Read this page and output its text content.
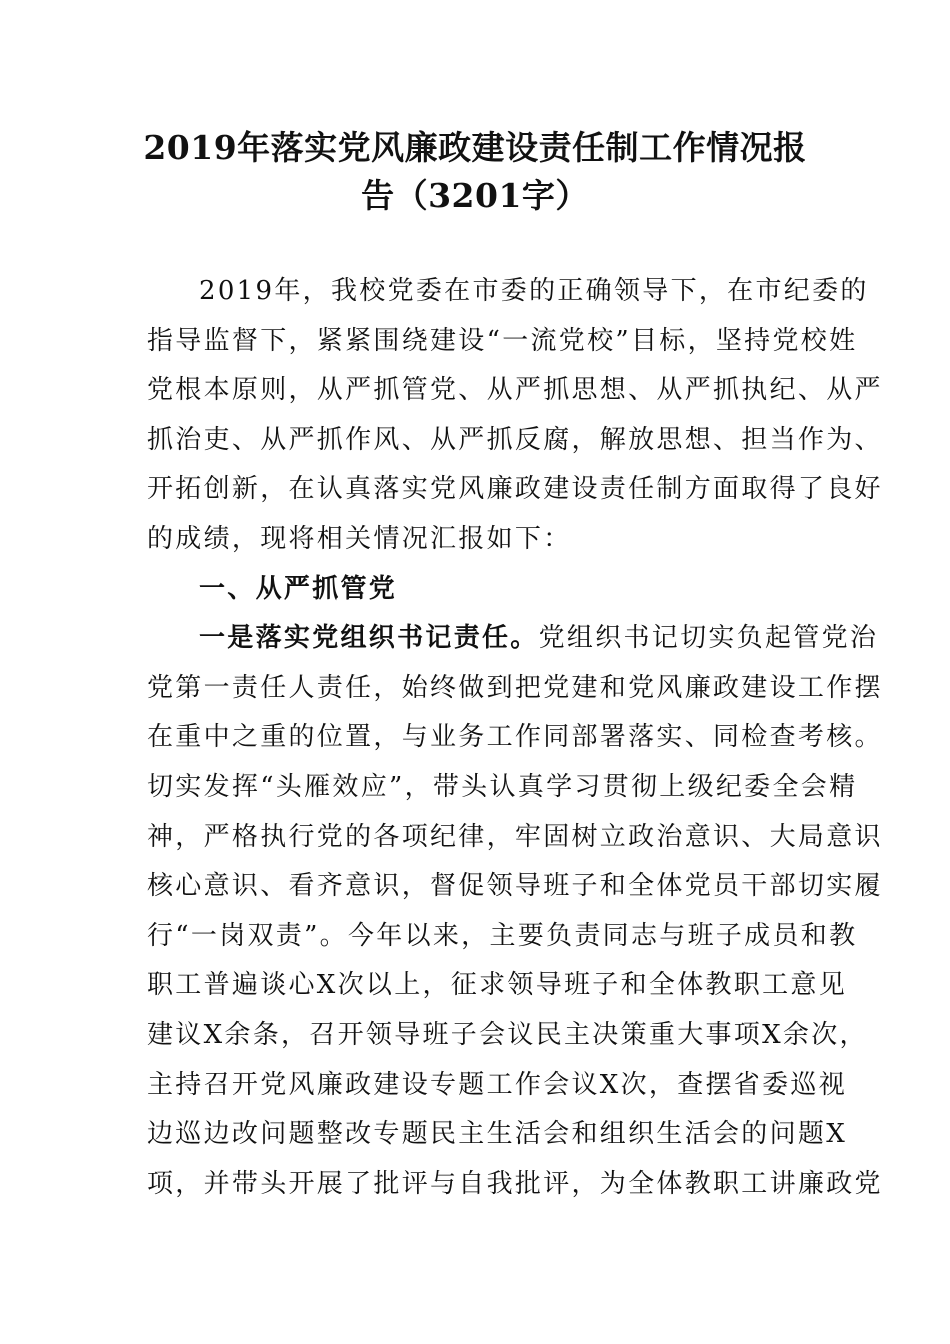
2019年落实党风廉政建设责任制工作情况报
告（3201字）
2019年，我校党委在市委的正确领导下，在市纪委的
指导监督下，紧紧围绕建设“一流党校”目标，坚持党校姓
党根本原则，从严抓管党、从严抓思想、从严抓执纪、从严
抓治吏、从严抓作风、从严抓反腐，解放思想、担当作为、
开拓创新，在认真落实党风廉政建设责任制方面取得了良好
的成绩，现将相关情况汇报如下：
一、从严抓管党
一是落实党组织书记责任。党组织书记切实负起管党治
党第一责任人责任，始终做到把党建和党风廉政建设工作摆
在重中之重的位置，与业务工作同部署落实、同检查考核。
切实发挥“头雁效应”，带头认真学习贯彻上级纪委全会精
神，严格执行党的各项纪律，牢固树立政治意识、大局意识
核心意识、看齐意识，督促领导班子和全体党员干部切实履
行“一岗双责”。今年以来，主要负责同志与班子成员和教
职工普遍谈心X次以上，征求领导班子和全体教职工意见
建议X余条，召开领导班子会议民主决策重大事项X余次，
主持召开党风廉政建设专题工作会议X次，查摆省委巡视
边巡边改问题整改专题民主生活会和组织生活会的问题X
项，并带头开展了批评与自我批评，为全体教职工讲廉政党
